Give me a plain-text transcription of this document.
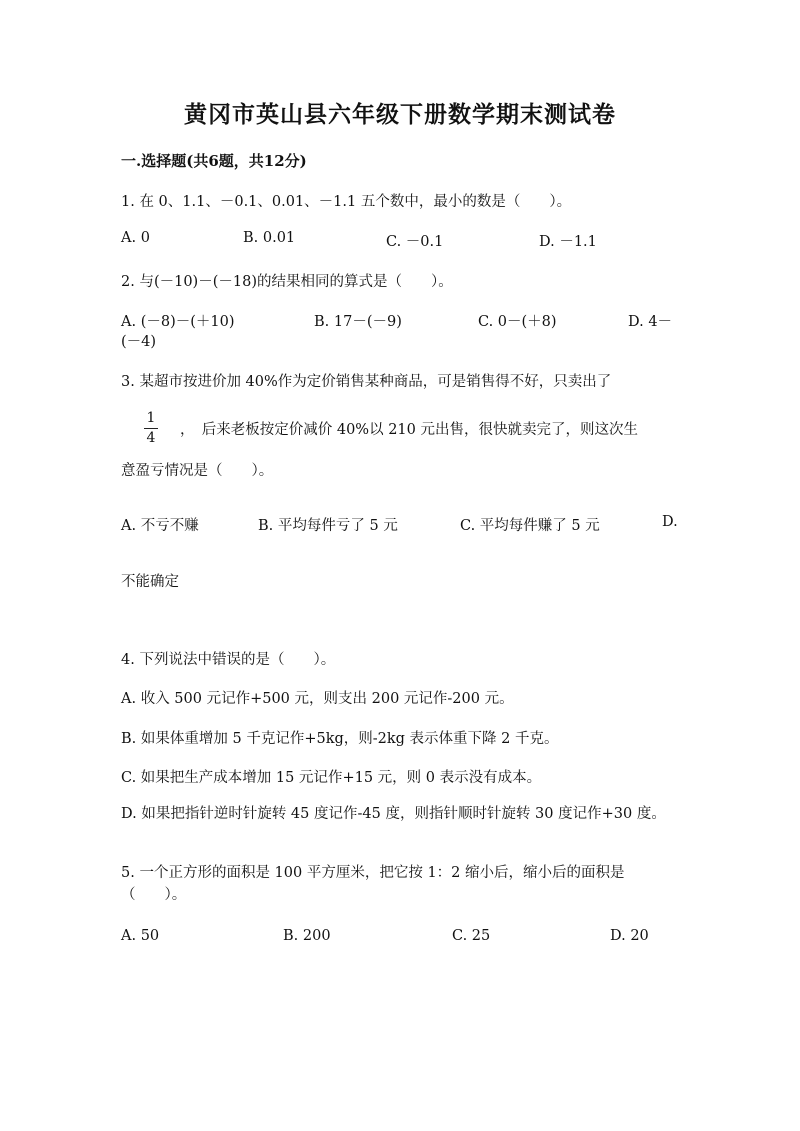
黄冈市英山县六年级下册数学期末测试卷
一.选择题(共6题，共12分)
1. 在 0、1.1、－0.1、0.01、－1.1 五个数中，最小的数是（　　）。
A. 0	B. 0.01	C. －0.1	D. －1.1
2. 与(－10)－(－18)的结果相同的算式是（　　）。
A. (－8)－(＋10)	B. 17－(－9)	C. 0－(＋8)	D. 4－
(－4)
3. 某超市按进价加 40%作为定价销售某种商品，可是销售得不好，只卖出了
1
4 ，　后来老板按定价减价 40%以 210 元出售，很快就卖完了，则这次生
意盈亏情况是（　　）。
A. 不亏不赚	B. 平均每件亏了 5 元	C. 平均每件赚了 5 元	D.
不能确定
4. 下列说法中错误的是（　　）。
A. 收入 500 元记作+500 元，则支出 200 元记作-200 元。
B. 如果体重增加 5 千克记作+5kg，则-2kg 表示体重下降 2 千克。
C. 如果把生产成本增加 15 元记作+15 元，则 0 表示没有成本。
D. 如果把指针逆时针旋转 45 度记作-45 度，则指针顺时针旋转 30 度记作+30 度。
5. 一个正方形的面积是 100 平方厘米，把它按 1：2 缩小后，缩小后的面积是（　　）。
A. 50	B. 200	C. 25	D. 20
